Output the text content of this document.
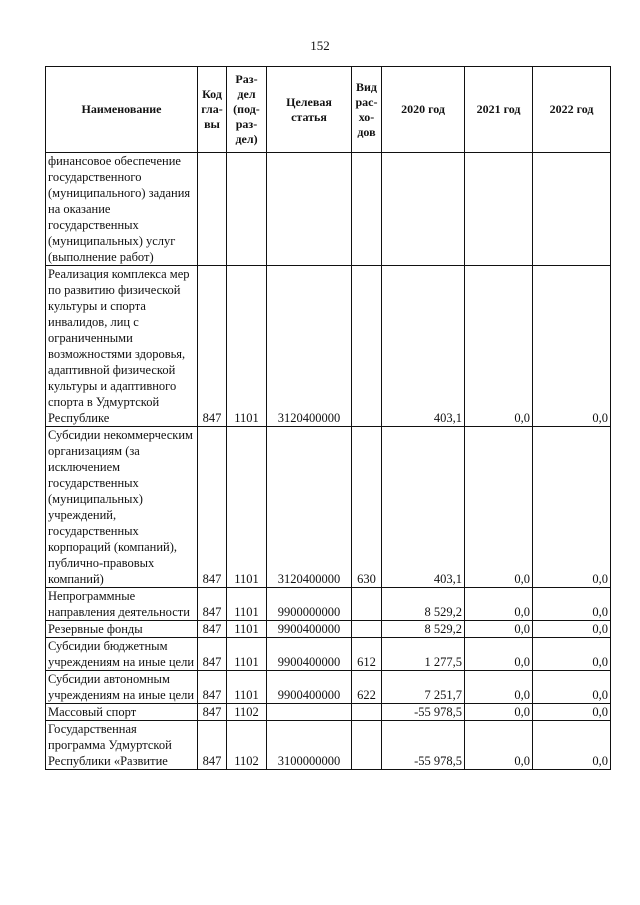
152
Наименование	Код гла-вы	Раз-дел (под-раз-дел)	Целевая статья	Вид рас-хо-дов	2020 год	2021 год	2022 год
финансовое обеспечение государственного (муниципального) задания на оказание государственных (муниципальных) услуг (выполнение работ)							
Реализация комплекса мер по развитию физической культуры и спорта инвалидов, лиц с ограниченными возможностями здоровья, адаптивной физической культуры и адаптивного спорта в Удмуртской Республике	847	1101	3120400000		403,1	0,0	0,0
Субсидии некоммерческим организациям (за исключением государственных (муниципальных) учреждений, государственных корпораций (компаний), публично-правовых компаний)	847	1101	3120400000	630	403,1	0,0	0,0
Непрограммные направления деятельности	847	1101	9900000000		8 529,2	0,0	0,0
Резервные фонды	847	1101	9900400000		8 529,2	0,0	0,0
Субсидии бюджетным учреждениям на иные цели	847	1101	9900400000	612	1 277,5	0,0	0,0
Субсидии автономным учреждениям на иные цели	847	1101	9900400000	622	7 251,7	0,0	0,0
Массовый спорт	847	1102			-55 978,5	0,0	0,0
Государственная программа Удмуртской Республики «Развитие	847	1102	3100000000		-55 978,5	0,0	0,0
